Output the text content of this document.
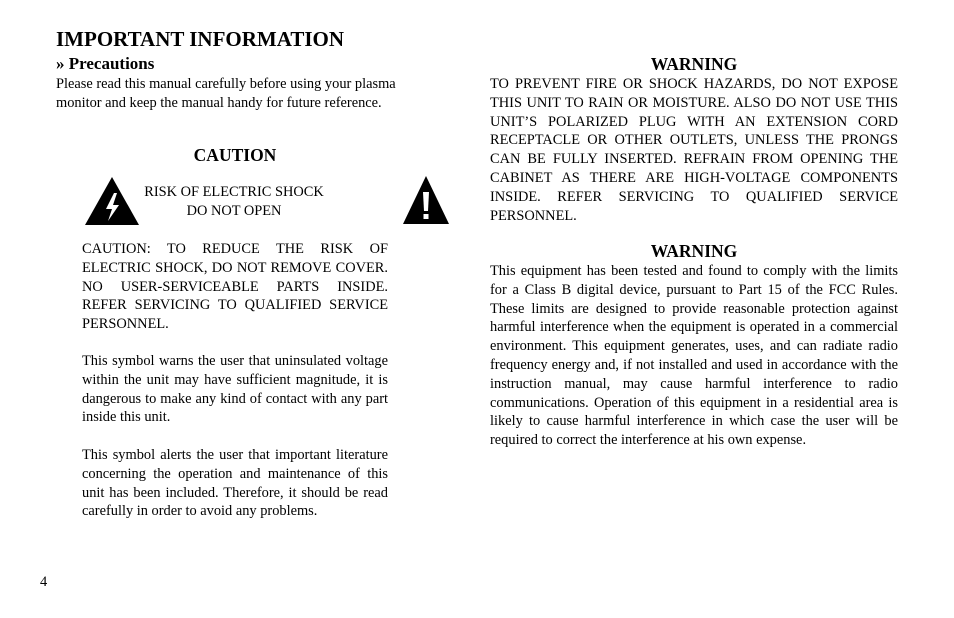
IMPORTANT INFORMATION
» Precautions

Please read this manual carefully before using your plasma monitor and keep the manual handy for future reference.

CAUTION
RISK OF ELECTRIC SHOCK
DO NOT OPEN

CAUTION: TO REDUCE THE RISK OF ELECTRIC SHOCK, DO NOT REMOVE COVER. NO USER-SERVICEABLE PARTS INSIDE. REFER SERVICING TO QUALIFIED SERVICE PERSONNEL.

This symbol warns the user that uninsulated voltage within the unit may have sufficient magnitude, it is dangerous to make any kind of contact with any part inside this unit.

This symbol alerts the user that important literature concerning the operation and maintenance of this unit has been included. Therefore, it should be read carefully in order to avoid any problems.

WARNING

TO PREVENT FIRE OR SHOCK HAZARDS, DO NOT EXPOSE THIS UNIT TO RAIN OR MOISTURE. ALSO DO NOT USE THIS UNIT’S POLARIZED PLUG WITH AN EXTENSION CORD RECEPTACLE OR OTHER OUTLETS, UNLESS THE PRONGS CAN BE FULLY INSERTED. REFRAIN FROM OPENING THE CABINET AS THERE ARE HIGH-VOLTAGE COMPONENTS INSIDE. REFER SERVICING TO QUALIFIED SERVICE PERSONNEL.

WARNING

This equipment has been tested and found to comply with the limits for a Class B digital device, pursuant to Part 15 of the FCC Rules. These limits are designed to provide reasonable protection against harmful interference when the equipment is operated in a commercial environment. This equipment generates, uses, and can radiate radio frequency energy and, if not installed and used in accordance with the instruction manual, may cause harmful interference to radio communications. Operation of this equipment in a residential area is likely to cause harmful interference in which case the user will be required to correct the interference at his own expense.

4
